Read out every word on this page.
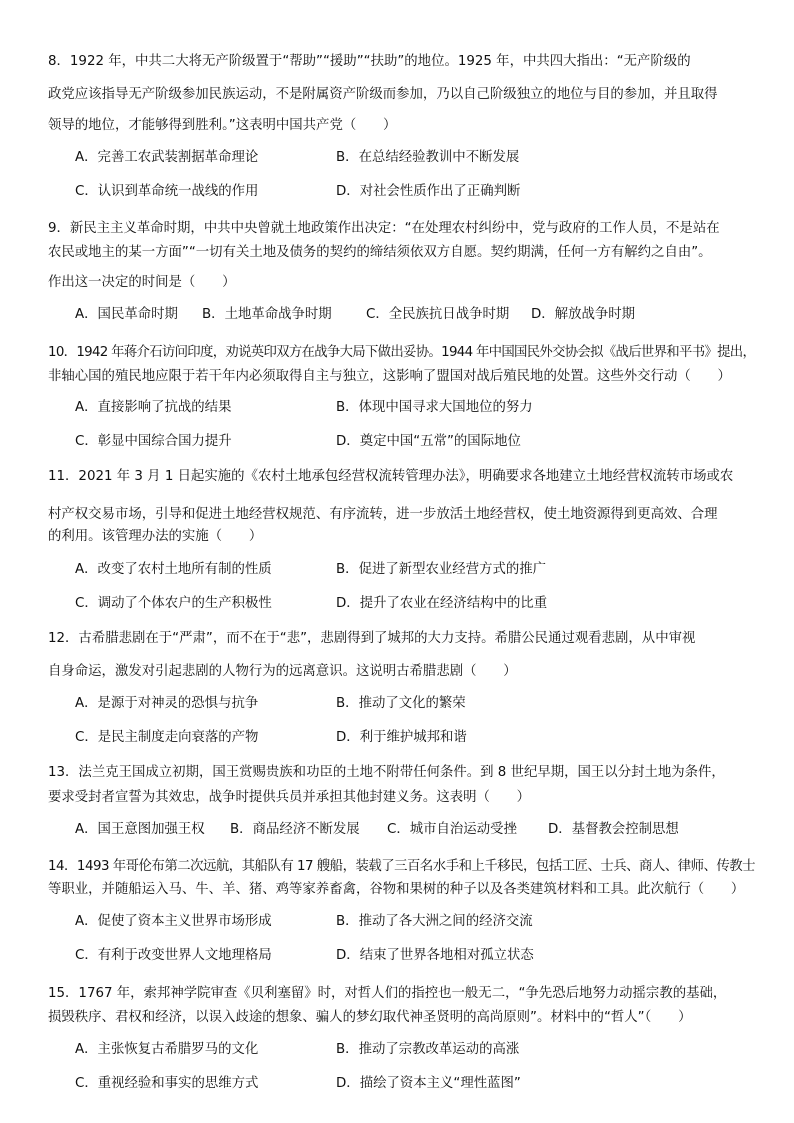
8．1922 年，中共二大将无产阶级置于“帮助”“援助”“扶助”的地位。1925 年，中共四大指出：“无产阶级的
政党应该指导无产阶级参加民族运动，不是附属资产阶级而参加，乃以自己阶级独立的地位与目的参加，并且取得
领导的地位，才能够得到胜利。”这表明中国共产党（　　）
A．完善工农武装割据革命理论	B．在总结经验教训中不断发展
C．认识到革命统一战线的作用	D．对社会性质作出了正确判断
9．新民主主义革命时期，中共中央曾就土地政策作出决定：“在处理农村纠纷中，党与政府的工作人员，不是站在
农民或地主的某一方面”“一切有关土地及债务的契约的缔结须依双方自愿。契约期满，任何一方有解约之自由”。
作出这一决定的时间是（　　）
A．国民革命时期 B．土地革命战争时期	C．全民族抗日战争时期 D．解放战争时期
10．1942 年蒋介石访问印度，劝说英印双方在战争大局下做出妥协。1944 年中国国民外交协会拟《战后世界和平书》提出，
非轴心国的殖民地应限于若干年内必须取得自主与独立，这影响了盟国对战后殖民地的处置。这些外交行动（　　）
A．直接影响了抗战的结果	B．体现中国寻求大国地位的努力
C．彰显中国综合国力提升	D．奠定中国“五常”的国际地位
11．2021 年 3 月 1 日起实施的《农村土地承包经营权流转管理办法》，明确要求各地建立土地经营权流转市场或农
村产权交易市场，引导和促进土地经营权规范、有序流转，进一步放活土地经营权，使土地资源得到更高效、合理
的利用。该管理办法的实施（　　）
A．改变了农村土地所有制的性质	B．促进了新型农业经营方式的推广
C．调动了个体农户的生产积极性	D．提升了农业在经济结构中的比重
12．古希腊悲剧在于“严肃”，而不在于“悲”，悲剧得到了城邦的大力支持。希腊公民通过观看悲剧，从中审视
自身命运，激发对引起悲剧的人物行为的远离意识。这说明古希腊悲剧（　　）
A．是源于对神灵的恐惧与抗争	B．推动了文化的繁荣
C．是民主制度走向衰落的产物	D．利于维护城邦和谐
13．法兰克王国成立初期，国王赏赐贵族和功臣的土地不附带任何条件。到 8 世纪早期，国王以分封土地为条件，
要求受封者宣誓为其效忠，战争时提供兵员并承担其他封建义务。这表明（　　）
A．国王意图加强王权 B．商品经济不断发展 C．城市自治运动受挫 D．基督教会控制思想
14．1493 年哥伦布第二次远航，其船队有 17 艘船，装载了三百名水手和上千移民，包括工匠、士兵、商人、律师、传教士
等职业，并随船运入马、牛、羊、猪、鸡等家养畜禽，谷物和果树的种子以及各类建筑材料和工具。此次航行（　　）
A．促使了资本主义世界市场形成	B．推动了各大洲之间的经济交流
C．有利于改变世界人文地理格局	D．结束了世界各地相对孤立状态
15．1767 年，索邦神学院审查《贝利塞留》时，对哲人们的指控也一般无二，“争先恐后地努力动摇宗教的基础，
损毁秩序、君权和经济，以误入歧途的想象、骗人的梦幻取代神圣贤明的高尚原则”。材料中的“哲人”（　　）
A．主张恢复古希腊罗马的文化	B．推动了宗教改革运动的高涨
C．重视经验和事实的思维方式	D．描绘了资本主义“理性蓝图”
